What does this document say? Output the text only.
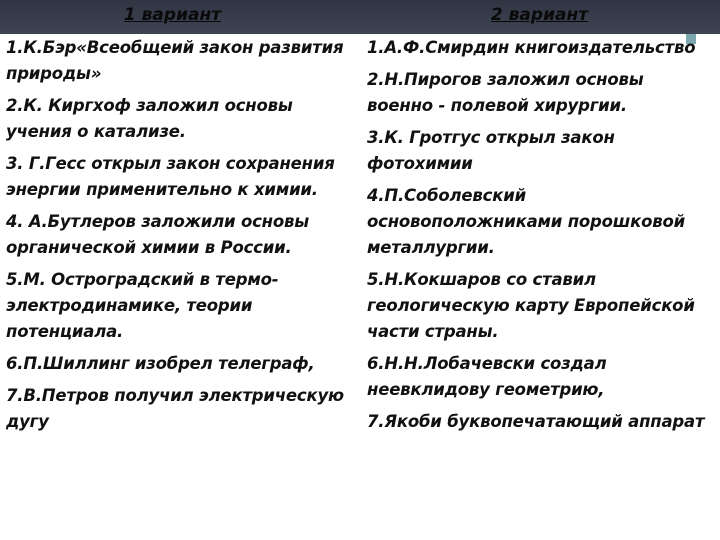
1 вариант
1.К.Бэр«Всеобщеий закон развития природы»
2.К. Киргхоф заложил основы учения о катализе.
3. Г.Гесс открыл закон сохранения энергии применительно к химии.
4. А.Бутлеров заложили основы органической химии в России.
5.М. Остроградский в термо-электродинамике, теории потенциала.
6.П.Шиллинг изобрел телеграф,
7.В.Петров получил электрическую дугу
2 вариант
1.А.Ф.Смирдин книгоиздательство
2.Н.Пирогов заложил основы военно - полевой хирургии.
3.К. Гротгус открыл закон фотохимии
4.П.Соболевский основоположниками порошковой металлургии.
5.Н.Кокшаров со ставил геологическую карту Европейской части страны.
6.Н.Н.Лобачевски создал неевклидову геометрию,
7.Якоби буквопечатающий аппарат
